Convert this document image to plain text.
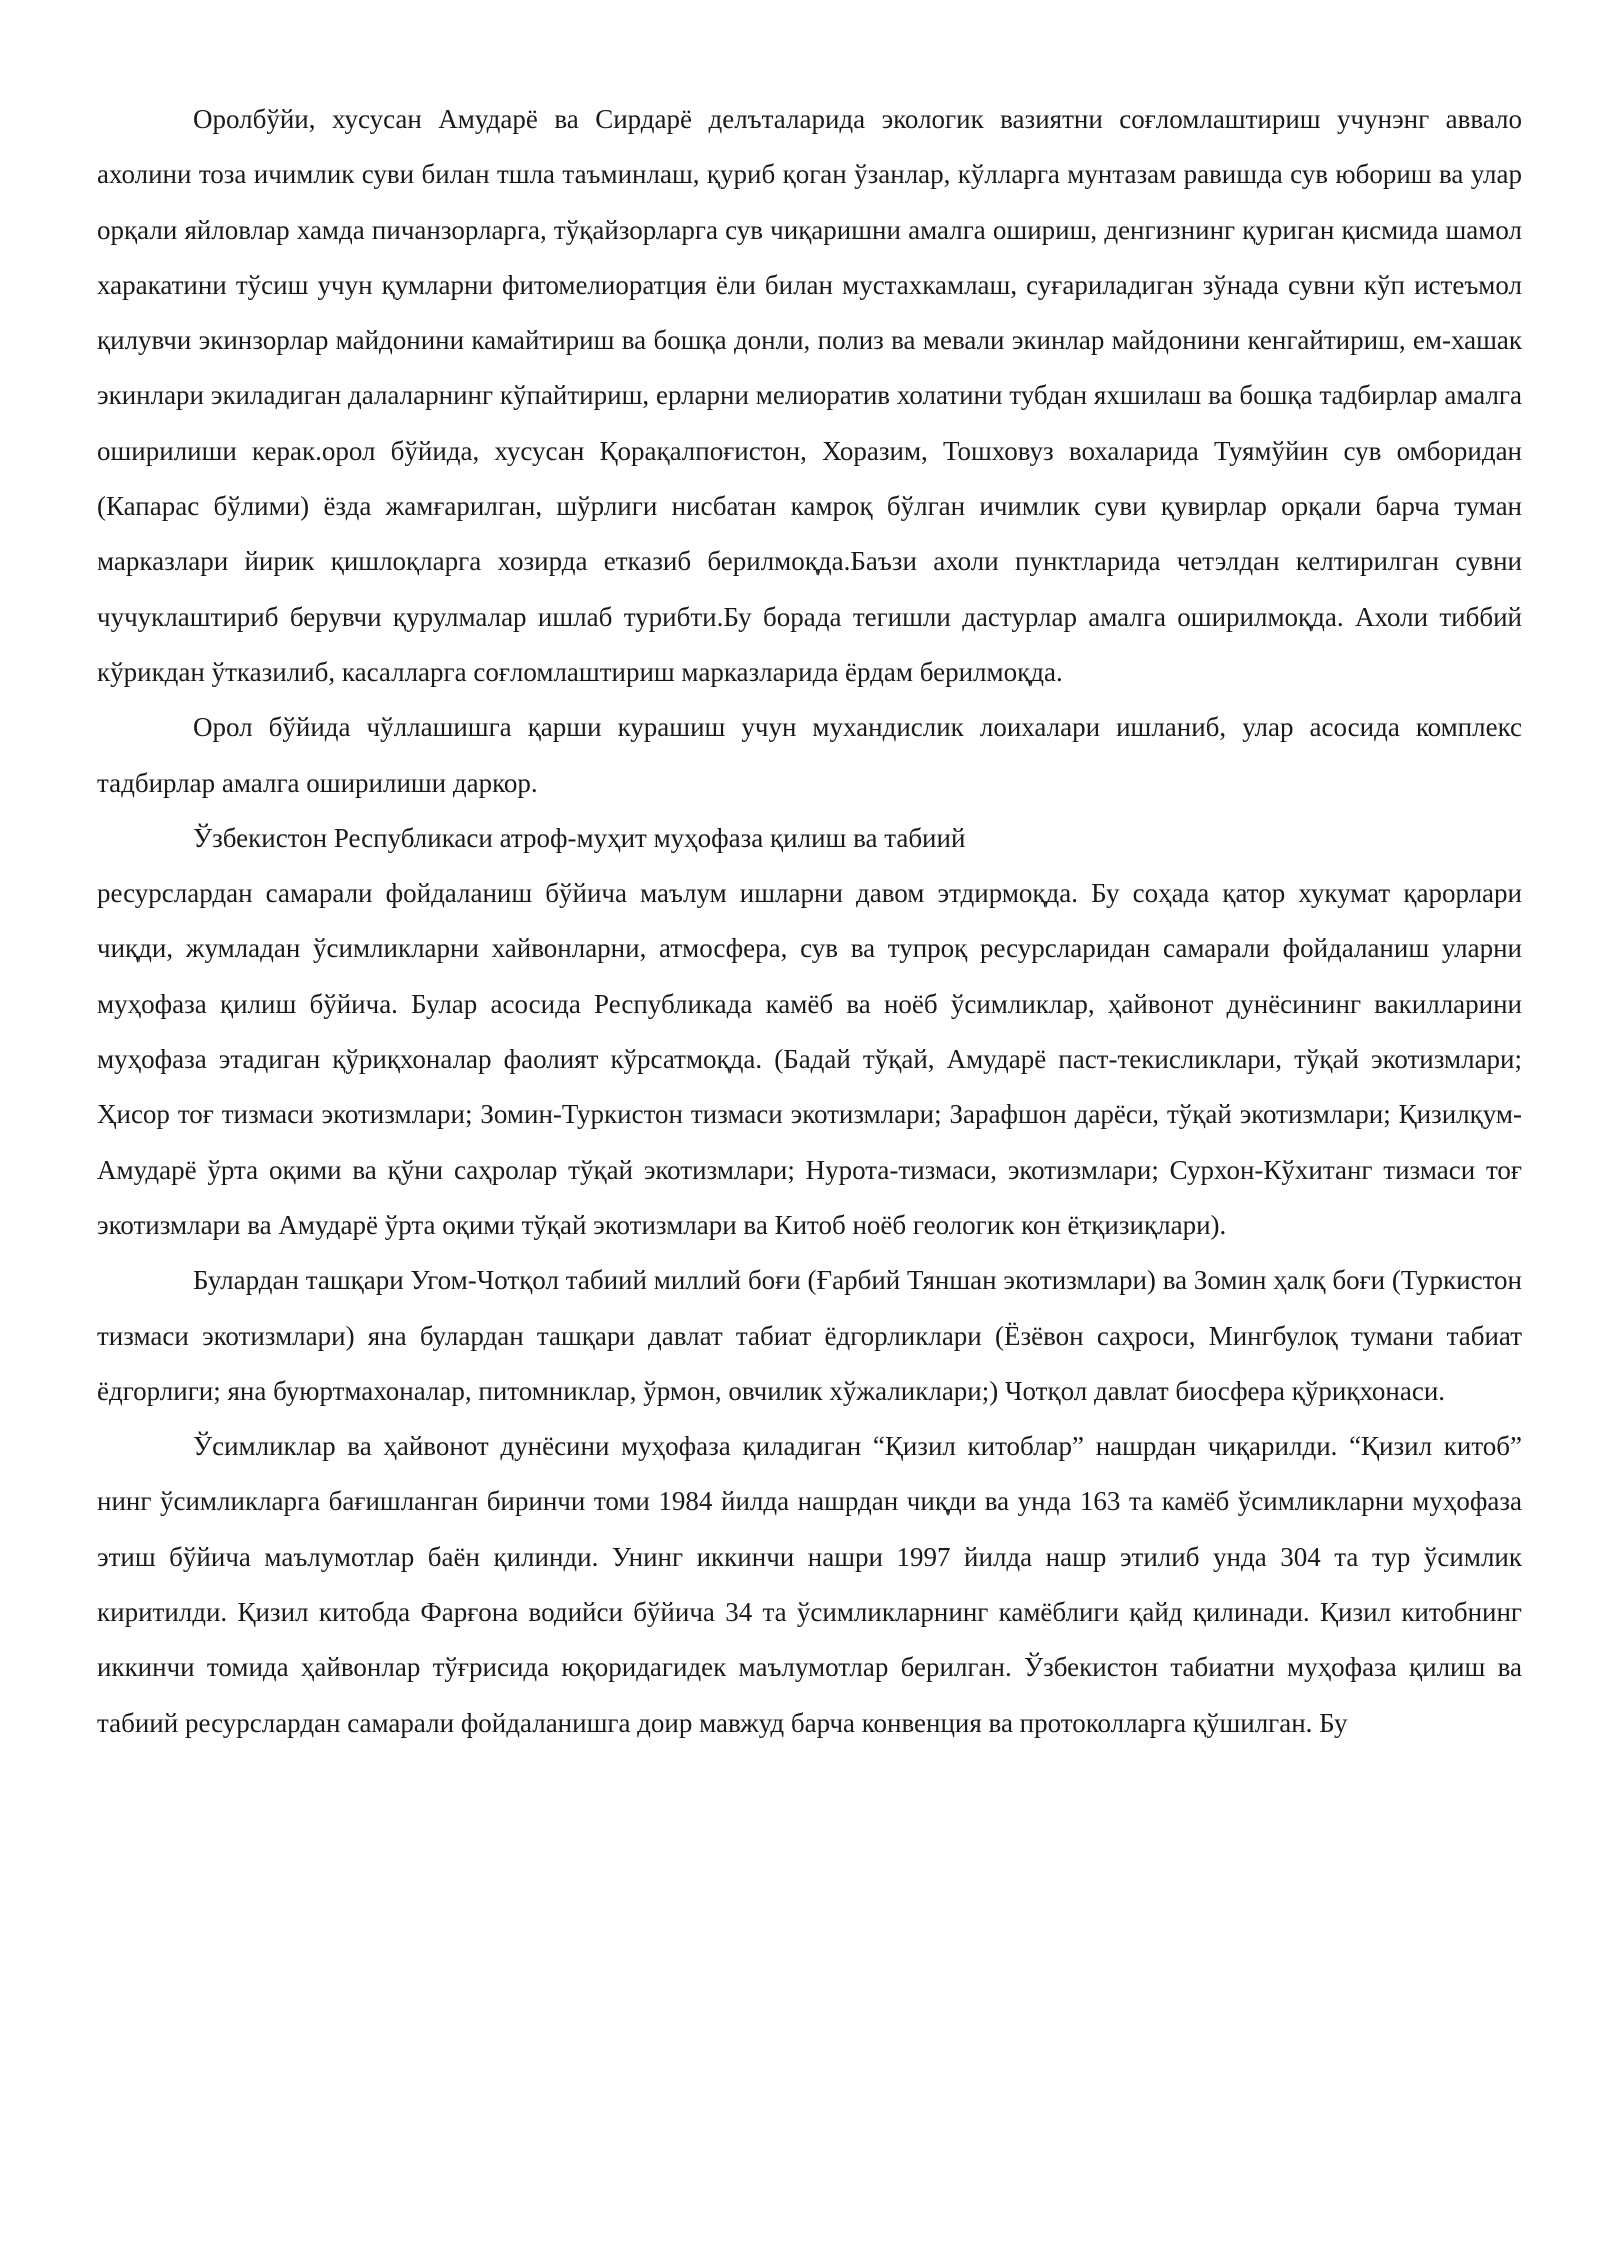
Оролбўйи, хусусан Амударё ва Сирдарё делъталарида экологик вазиятни соғломлаштириш учунэнг аввало ахолини тоза ичимлик суви билан тшла таъминлаш, қуриб қоган ўзанлар, кўлларга мунтазам равишда сув юбориш ва улар орқали яйловлар хамда пичанзорларга, тўқайзорларга сув чиқаришни амалга ошириш, денгизнинг қуриган қисмида шамол харакатини тўсиш учун қумларни фитомелиоратция ёли билан мустахкамлаш, суғариладиган зўнада сувни кўп истеъмол қилувчи экинзорлар майдонини камайтириш ва бошқа донли, полиз ва мевали экинлар майдонини кенгайтириш, ем-хашак экинлари экиладиган далаларнинг кўпайтириш, ерларни мелиоратив холатини тубдан яхшилаш ва бошқа тадбирлар амалга оширилиши керак.орол бўйида, хусусан Қорақалпоғистон, Хоразим, Тошховуз вохаларида Туямўйин сув омборидан (Капарас бўлими) ёзда жамғарилган, шўрлиги нисбатан камроқ бўлган ичимлик суви қувирлар орқали барча туман марказлари йирик қишлоқларга хозирда етказиб берилмоқда.Баъзи ахоли пунктларида четэлдан келтирилган сувни чучуклаштириб берувчи қурулмалар ишлаб турибти.Бу борада тегишли дастурлар амалга оширилмоқда. Ахоли тиббий кўрикдан ўтказилиб, касалларга соғломлаштириш марказларида ёрдам берилмоқда.

Орол бўйида чўллашишга қарши курашиш учун мухандислик лоихалари ишланиб, улар асосида комплекс тадбирлар амалга оширилиши даркор.

Ўзбекистон Республикаси атроф-муҳит муҳофаза қилиш ва табиий

ресурслардан самарали фойдаланиш бўйича маълум ишларни давом этдирмоқда. Бу соҳада қатор хукумат қарорлари чиқди, жумладан ўсимликларни хайвонларни, атмосфера, сув ва тупроқ ресурсларидан самарали фойдаланиш уларни муҳофаза қилиш бўйича. Булар асосида Республикада камёб ва ноёб ўсимликлар, ҳайвонот дунёсининг вакилларини муҳофаза этадиган қўриқхоналар фаолият кўрсатмоқда. (Бадай тўқай, Амударё паст-текисликлари, тўқай экотизмлари; Ҳисор тоғ тизмаси экотизмлари; Зомин-Туркистон тизмаси экотизмлари; Зарафшон дарёси, тўқай экотизмлари; Қизилқум-Амударё ўрта оқими ва қўни саҳролар тўқай экотизмлари; Нурота-тизмаси, экотизмлари; Сурхон-Кўхитанг тизмаси тоғ экотизмлари ва Амударё ўрта оқими тўқай экотизмлари ва Китоб ноёб геологик кон ётқизиқлари).

Булардан ташқари Угом-Чотқол табиий миллий боғи (Ғарбий Тяншан экотизмлари) ва Зомин ҳалқ боғи (Туркистон тизмаси экотизмлари) яна булардан ташқари давлат табиат ёдгорликлари (Ёзёвон саҳроси, Мингбулоқ тумани табиат ёдгорлиги; яна буюртмахоналар, питомниклар, ўрмон, овчилик хўжаликлари;) Чотқол давлат биосфера қўриқхонаси.

Ўсимликлар ва ҳайвонот дунёсини муҳофаза қиладиган “Қизил китоблар” нашрдан чиқарилди. “Қизил китоб” нинг ўсимликларга бағишланган биринчи томи 1984 йилда нашрдан чиқди ва унда 163 та камёб ўсимликларни муҳофаза этиш бўйича маълумотлар баён қилинди. Унинг иккинчи нашри 1997 йилда нашр этилиб унда 304 та тур ўсимлик киритилди. Қизил китобда Фарғона водийси бўйича 34 та ўсимликларнинг камёблиги қайд қилинади. Қизил китобнинг иккинчи томида ҳайвонлар тўғрисида юқоридагидек маълумотлар берилган. Ўзбекистон табиатни муҳофаза қилиш ва табиий ресурслардан самарали фойдаланишга доир мавжуд барча конвенция ва протоколларга қўшилган. Бу
